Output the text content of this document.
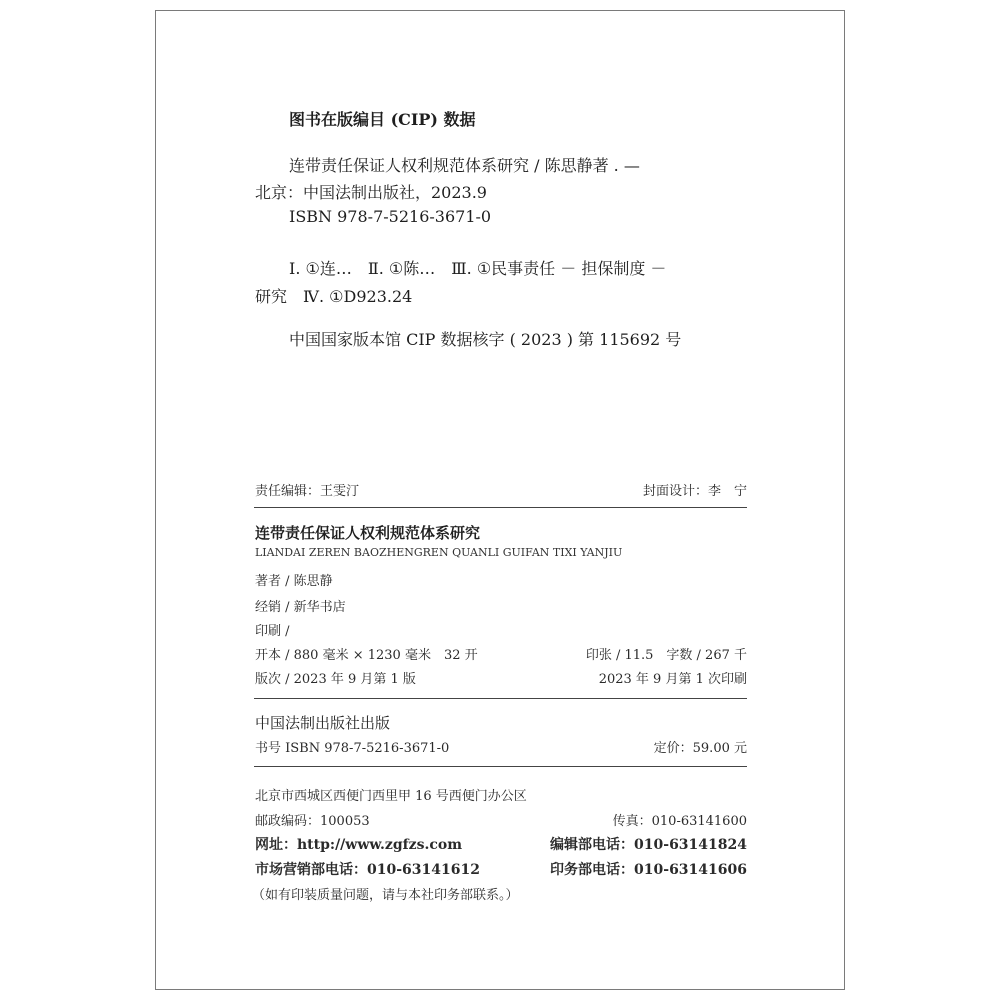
图书在版编目 (CIP) 数据
连带责任保证人权利规范体系研究 / 陈思静著 . —
北京：中国法制出版社，2023.9
ISBN 978-7-5216-3671-0
Ⅰ. ①连…　Ⅱ. ①陈…　Ⅲ. ①民事责任 － 担保制度 －
研究　Ⅳ. ①D923.24
中国国家版本馆 CIP 数据核字 ( 2023 ) 第 115692 号
责任编辑：王雯汀	封面设计：李　宁
连带责任保证人权利规范体系研究
LIANDAI ZEREN BAOZHENGREN QUANLI GUIFAN TIXI YANJIU
著者 / 陈思静
经销 / 新华书店
印刷 /
开本 / 880 毫米 × 1230 毫米　32 开	印张 / 11.5　字数 / 267 千
版次 / 2023 年 9 月第 1 版	2023 年 9 月第 1 次印刷
中国法制出版社出版
书号 ISBN 978-7-5216-3671-0	定价：59.00 元
北京市西城区西便门西里甲 16 号西便门办公区
邮政编码：100053	传真：010-63141600
网址：http://www.zgfzs.com	编辑部电话：010-63141824
市场营销部电话：010-63141612	印务部电话：010-63141606
（如有印装质量问题，请与本社印务部联系。）
